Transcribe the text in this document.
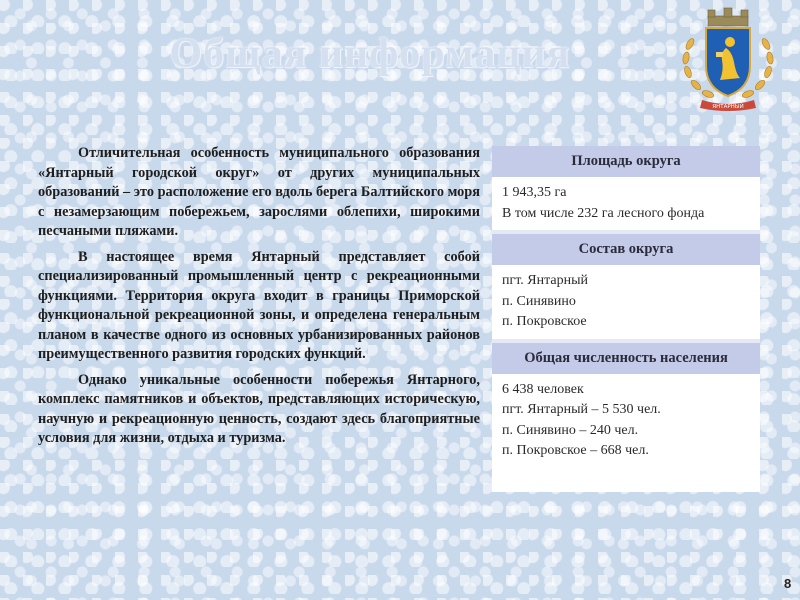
Общая информация
ЯНТАРНЫЙ

Отличительная особенность муниципального образования «Янтарный городской округ» от других муниципальных образований – это расположение его вдоль берега Балтийского моря с незамерзающим побережьем, зарослями облепихи, широкими песчаными пляжами.

В настоящее время Янтарный представляет собой специализированный промышленный центр с рекреационными функциями. Территория округа входит в границы Приморской функциональной рекреационной зоны, и определена генеральным планом в качестве одного из основных урбанизированных районов преимущественного развития городских функций.

Однако уникальные особенности побережья Янтарного, комплекс памятников и объектов, представляющих историческую, научную и рекреационную ценность, создают здесь благоприятные условия для жизни, отдыха и туризма.

Площадь округа
1 943,35 га
В том числе 232 га лесного фонда
Состав округа
пгт. Янтарный
п. Синявино
п. Покровское
Общая численность населения
6 438 человек
пгт. Янтарный – 5 530 чел.
п. Синявино – 240 чел.
п. Покровское – 668 чел.
8
